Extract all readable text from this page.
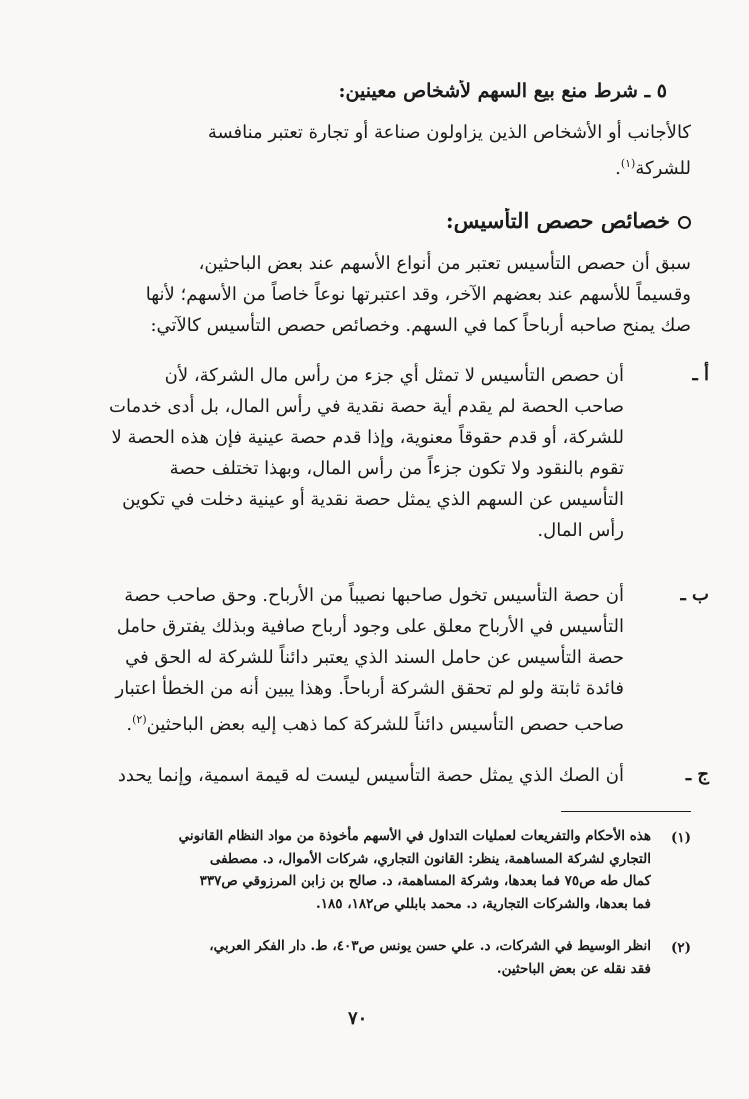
٥ ـ شرط منع بيع السهم لأشخاص معينين:
كالأجانب أو الأشخاص الذين يزاولون صناعة أو تجارة تعتبر منافسة
للشركة$^{(١)}$.
خصائص حصص التأسيس:
سبق أن حصص التأسيس تعتبر من أنواع الأسهم عند بعض الباحثين،
وقسيماً للأسهم عند بعضهم الآخر، وقد اعتبرتها نوعاً خاصاً من الأسهم؛ لأنها
صك يمنح صاحبه أرباحاً كما في السهم. وخصائص حصص التأسيس كالآتي:
أ ـ
أن حصص التأسيس لا تمثل أي جزء من رأس مال الشركة، لأن
صاحب الحصة لم يقدم أية حصة نقدية في رأس المال، بل أدى خدمات
للشركة، أو قدم حقوقاً معنوية، وإذا قدم حصة عينية فإن هذه الحصة لا
تقوم بالنقود ولا تكون جزءاً من رأس المال، وبهذا تختلف حصة
التأسيس عن السهم الذي يمثل حصة نقدية أو عينية دخلت في تكوين
رأس المال.
ب ـ
أن حصة التأسيس تخول صاحبها نصيباً من الأرباح. وحق صاحب حصة
التأسيس في الأرباح معلق على وجود أرباح صافية وبذلك يفترق حامل
حصة التأسيس عن حامل السند الذي يعتبر دائناً للشركة له الحق في
فائدة ثابتة ولو لم تحقق الشركة أرباحاً. وهذا يبين أنه من الخطأ اعتبار
صاحب حصص التأسيس دائناً للشركة كما ذهب إليه بعض الباحثين$^{(٢)}$.
ج ـ
أن الصك الذي يمثل حصة التأسيس ليست له قيمة اسمية، وإنما يحدد
(١)
هذه الأحكام والتفريعات لعمليات التداول في الأسهم مأخوذة من مواد النظام القانوني
التجاري لشركة المساهمة، ينظر: القانون التجاري، شركات الأموال، د. مصطفى
كمال طه ص٧٥ فما بعدها، وشركة المساهمة، د. صالح بن زابن المرزوقي ص٣٣٧
فما بعدها، والشركات التجارية، د. محمد بابللي ص١٨٢، ١٨٥.
(٢)
انظر الوسيط في الشركات، د. علي حسن يونس ص٤٠٣، ط. دار الفكر العربي،
فقد نقله عن بعض الباحثين.
٧٠
